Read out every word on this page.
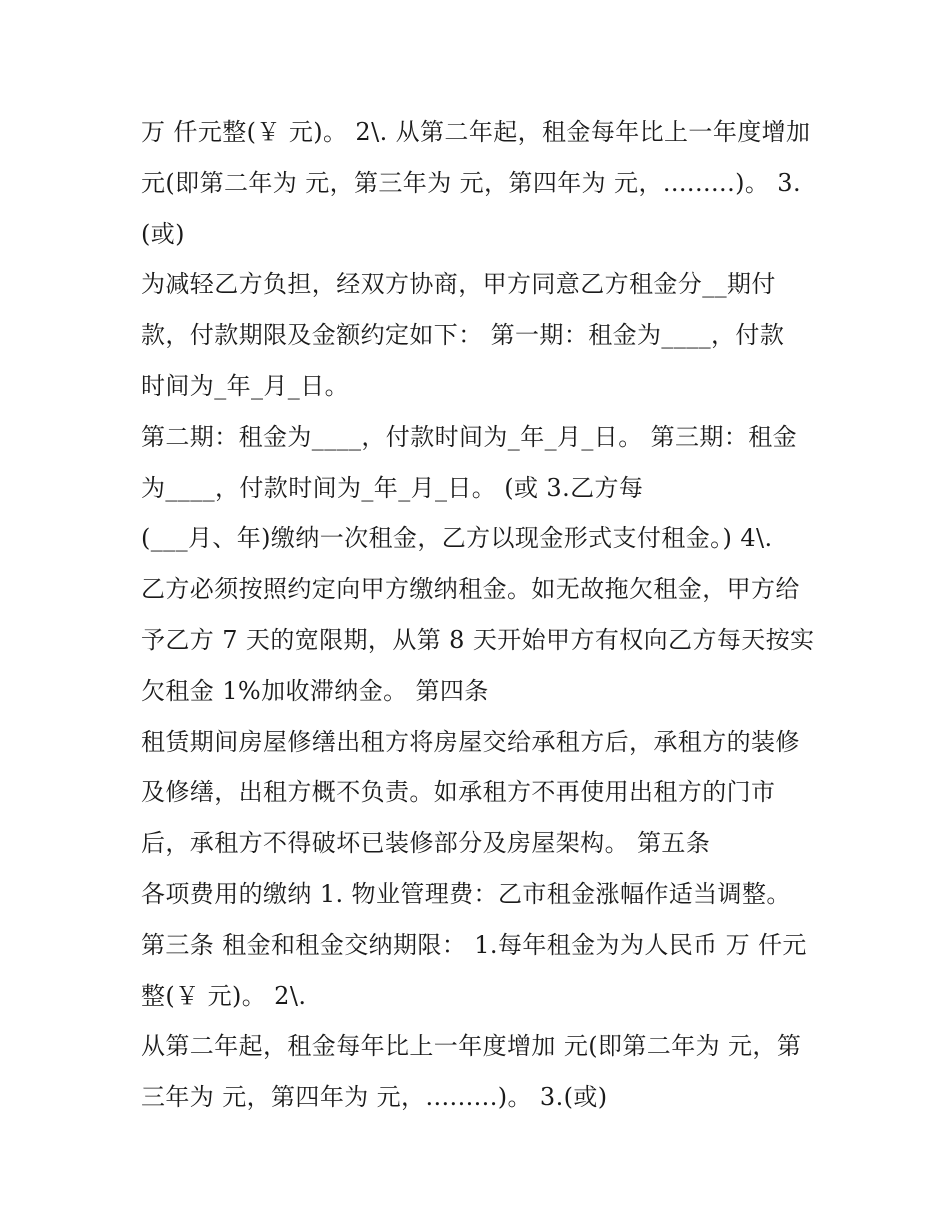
万 仟元整(￥ 元)。 2\. 从第二年起，租金每年比上一年度增加
元(即第二年为 元，第三年为 元，第四年为 元，.........)。 3.
(或)
为减轻乙方负担，经双方协商，甲方同意乙方租金分__期付
款，付款期限及金额约定如下： 第一期：租金为____，付款
时间为_年_月_日。
第二期：租金为____，付款时间为_年_月_日。 第三期：租金
为____，付款时间为_年_月_日。 (或 3.乙方每
(___月、年)缴纳一次租金，乙方以现金形式支付租金。) 4\.
乙方必须按照约定向甲方缴纳租金。如无故拖欠租金，甲方给
予乙方 7 天的宽限期，从第 8 天开始甲方有权向乙方每天按实
欠租金 1%加收滞纳金。 第四条
租赁期间房屋修缮出租方将房屋交给承租方后，承租方的装修
及修缮，出租方概不负责。如承租方不再使用出租方的门市
后，承租方不得破坏已装修部分及房屋架构。 第五条
各项费用的缴纳 1. 物业管理费：乙市租金涨幅作适当调整。
第三条 租金和租金交纳期限： 1.每年租金为为人民币 万 仟元
整(￥ 元)。 2\.
从第二年起，租金每年比上一年度增加 元(即第二年为 元，第
三年为 元，第四年为 元，.........)。 3.(或)
